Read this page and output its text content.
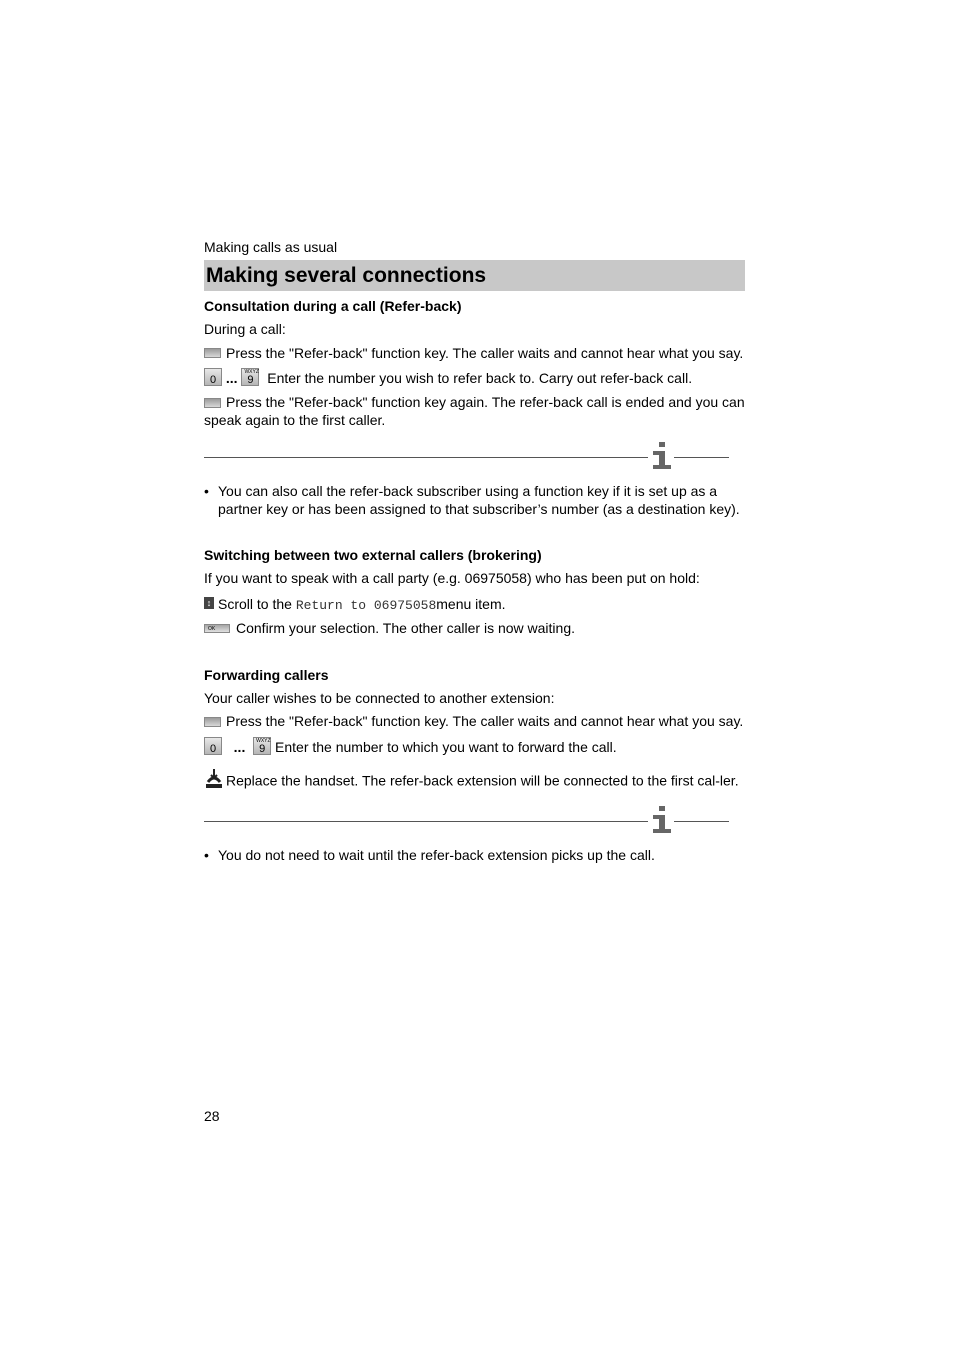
Making calls as usual
Making several connections
Consultation during a call (Refer-back)

During a call:

Press the "Refer-back" function key. The caller waits and cannot hear what you say.

0 ... WXYZ
9 Enter the number you wish to refer back to. Carry out refer-back call.

Press the "Refer-back" function key again. The refer-back call is ended and you can speak again to the first caller.

• You can also call the refer-back subscriber using a function key if it is set up as a partner key or has been assigned to that subscriber’s number (as a destination key).
Switching between two external callers (brokering)

If you want to speak with a call party (e.g. 06975058) who has been put on hold:

↕ Scroll to the Return to 06975058menu item.

OK Confirm your selection. The other caller is now waiting.

Forwarding callers

Your caller wishes to be connected to another extension:

Press the "Refer-back" function key. The caller waits and cannot hear what you say.

0 ... WXYZ
9 Enter the number to which you want to forward the call.

Replace the handset. The refer-back extension will be connected to the first cal-ler.

• You do not need to wait until the refer-back extension picks up the call.
28
